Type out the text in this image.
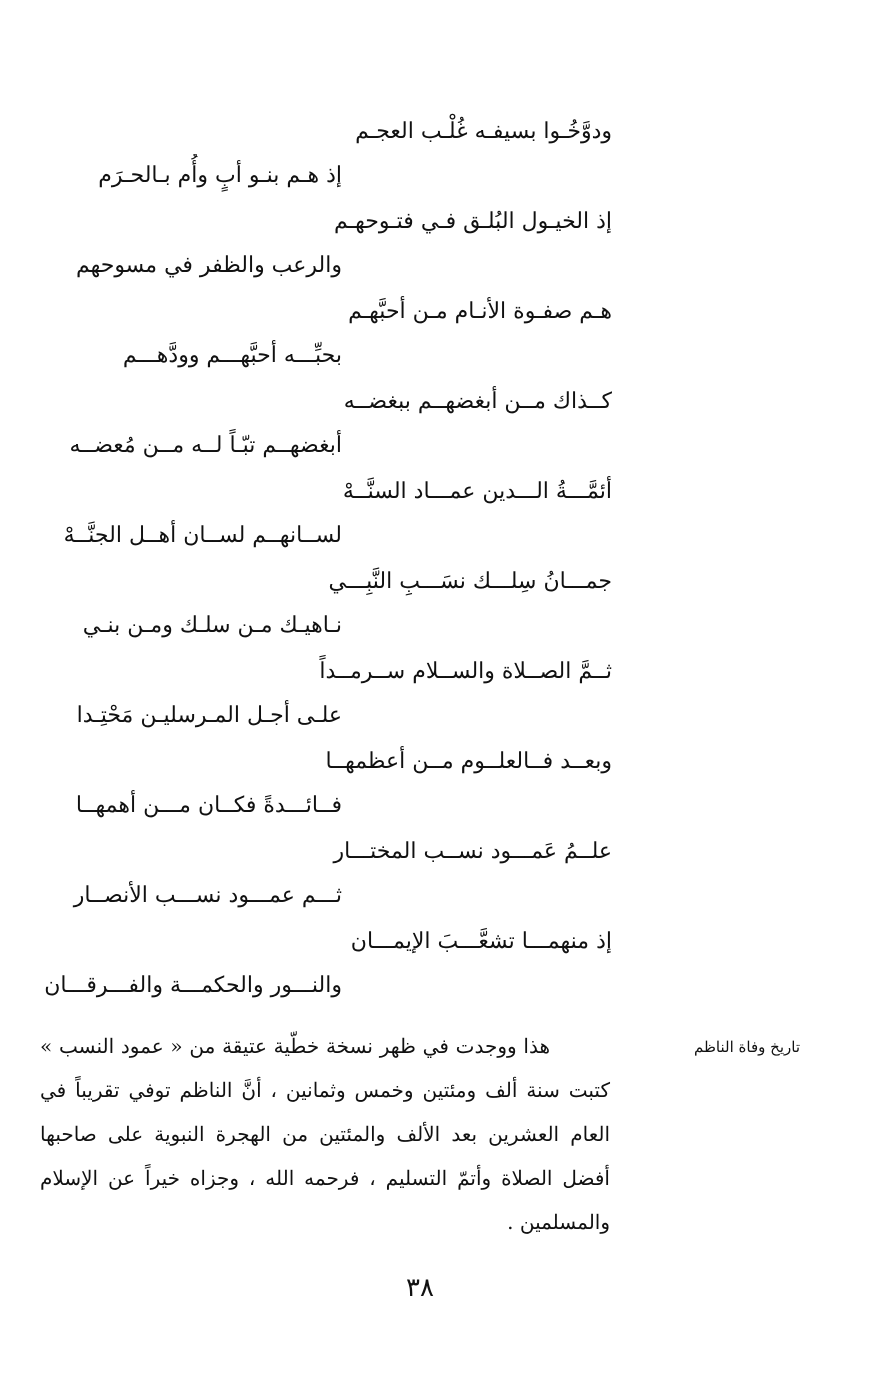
ودوَّخُـوا بسيفـه غُلْـب العجـم
إذ هـم بنـو أبٍ وأُم بـالحـرَم
إذ الخيـول البُلـق فـي فتـوحهـم
والرعب والظفر في مسوحهم
هـم صفـوة الأنـام مـن أحبَّهـم
بحبِّـــه أحبَّهـــم وودَّهـــم
كــذاك مــن أبغضهــم ببغضــه
أبغضهــم تبّـاً لــه مــن مُعضــه
أئمَّـــةُ الـــدين عمـــاد السنَّــهْ
لســانهــم لســان أهــل الجنَّــهْ
جمـــانُ سِلـــك نسَـــبِ النَّبِـــي
نـاهيـك مـن سلـك ومـن بنـي
ثــمَّ الصــلاة والســلام ســرمــداً
علـى أجـل المـرسليـن مَحْتِـدا
وبعــد فــالعلــوم مــن أعظمهــا
فــائـــدةً فكــان مـــن أهمهــا
علــمُ عَمـــود نســب المختـــار
ثـــم عمـــود نســـب الأنصــار
إذ منهمـــا تشعَّـــبَ الإيمـــان
والنـــور والحكمـــة والفـــرقـــان
تاريخ وفاة الناظم
هذا ووجدت في ظهر نسخة خطّية عتيقة من « عمود النسب » كتبت سنة ألف ومئتين وخمس وثمانين ، أنَّ الناظم توفي تقريباً في العام العشرين بعد الألف والمئتين من الهجرة النبوية على صاحبها أفضل الصلاة وأتمّ التسليم ، فرحمه الله ، وجزاه خيراً عن الإسلام والمسلمين .
٣٨
